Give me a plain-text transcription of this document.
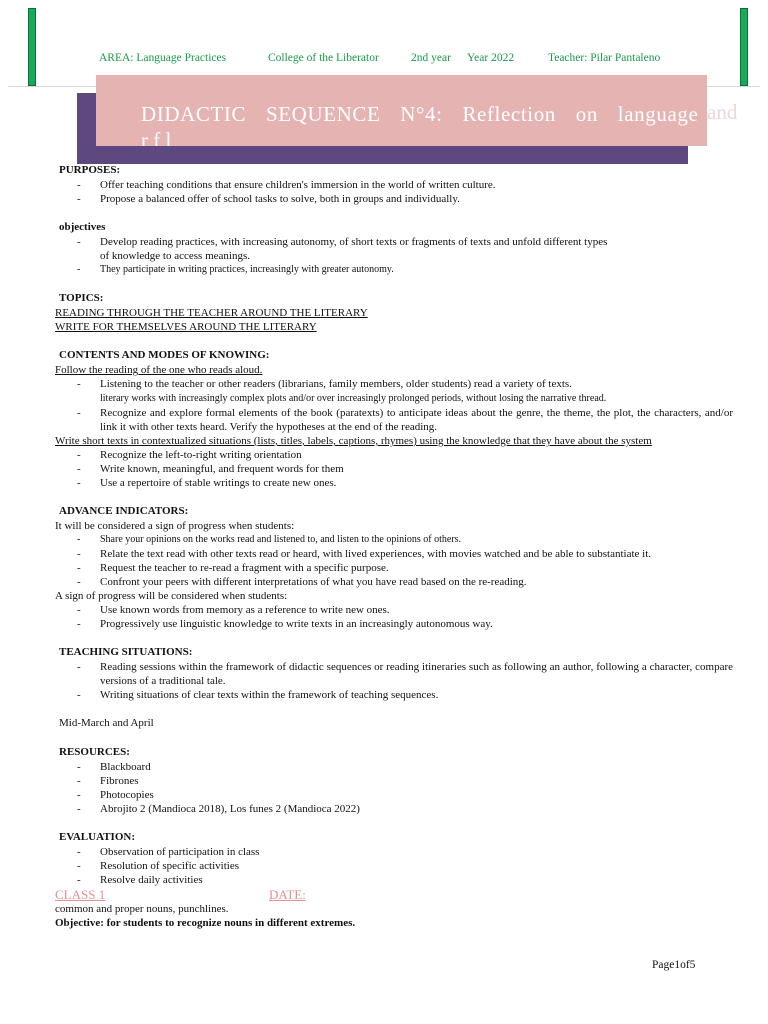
AREA: Language Practices	College of the Liberator	2nd year Year 2022	Teacher: Pilar Pantaleno
DIDACTIC SEQUENCE N°4: Reflection on language
r f l
and
PURPOSES:
- Offer teaching conditions that ensure children's immersion in the world of written culture.
- Propose a balanced offer of school tasks to solve, both in groups and individually.
objectives
- Develop reading practices, with increasing autonomy, of short texts or fragments of texts and unfold different types of knowledge to access meanings.
- They participate in writing practices, increasingly with greater autonomy.
TOPICS:
READING THROUGH THE TEACHER AROUND THE LITERARY
WRITE FOR THEMSELVES AROUND THE LITERARY
CONTENTS AND MODES OF KNOWING:
Follow the reading of the one who reads aloud.
- Listening to the teacher or other readers (librarians, family members, older students) read a variety of texts.
literary works with increasingly complex plots and/or over increasingly prolonged periods, without losing the narrative thread.
- Recognize and explore formal elements of the book (paratexts) to anticipate ideas about the genre, the theme, the plot, the characters, and/or link it with other texts heard. Verify the hypotheses at the end of the reading.
Write short texts in contextualized situations (lists, titles, labels, captions, rhymes) using the knowledge that they have about the system
- Recognize the left-to-right writing orientation
- Write known, meaningful, and frequent words for them
- Use a repertoire of stable writings to create new ones.
ADVANCE INDICATORS:
It will be considered a sign of progress when students:
- Share your opinions on the works read and listened to, and listen to the opinions of others.
- Relate the text read with other texts read or heard, with lived experiences, with movies watched and be able to substantiate it.
- Request the teacher to re-read a fragment with a specific purpose.
- Confront your peers with different interpretations of what you have read based on the re-reading.
A sign of progress will be considered when students:
- Use known words from memory as a reference to write new ones.
- Progressively use linguistic knowledge to write texts in an increasingly autonomous way.
TEACHING SITUATIONS:
- Reading sessions within the framework of didactic sequences or reading itineraries such as following an author, following a character, compare versions of a traditional tale.
- Writing situations of clear texts within the framework of teaching sequences.
Mid-March and April
RESOURCES:
- Blackboard
- Fibrones
- Photocopies
- Abrojito 2 (Mandioca 2018), Los funes 2 (Mandioca 2022)
EVALUATION:
- Observation of participation in class
- Resolution of specific activities
- Resolve daily activities
CLASS 1	DATE:
common and proper nouns, punchlines.
Objective: for students to recognize nouns in different extremes.
Page1of5
